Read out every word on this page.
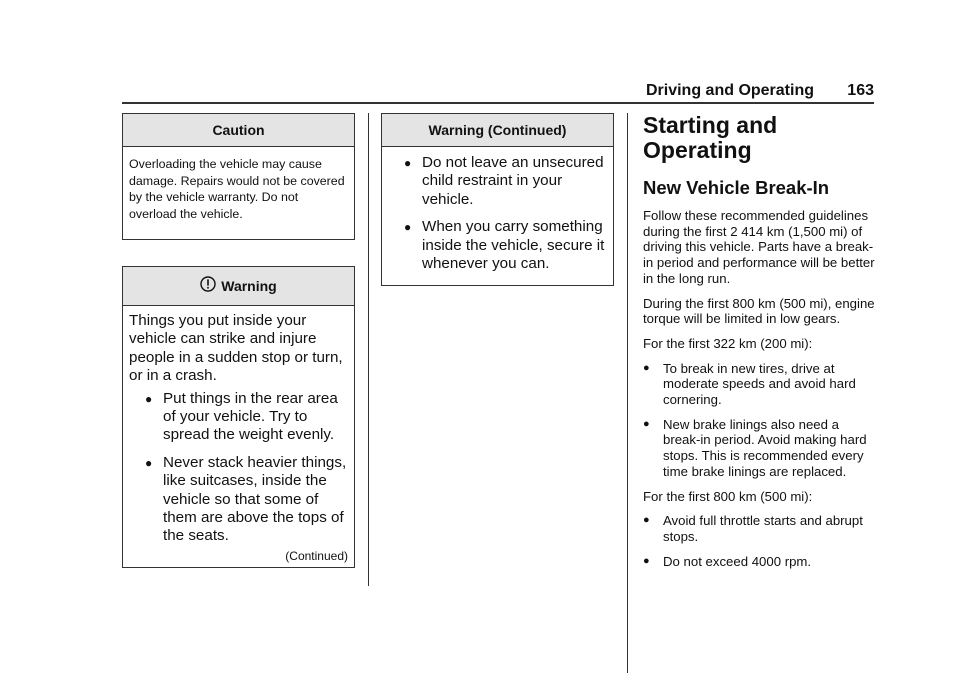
Driving and Operating 163
Caution
Overloading the vehicle may cause damage. Repairs would not be covered by the vehicle warranty. Do not overload the vehicle.
Warning

Things you put inside your vehicle can strike and injure people in a sudden stop or turn, or in a crash.

● Put things in the rear area of your vehicle. Try to spread the weight evenly.
● Never stack heavier things, like suitcases, inside the vehicle so that some of them are above the tops of the seats.
(Continued)
Warning (Continued)
● Do not leave an unsecured child restraint in your vehicle.
● When you carry something inside the vehicle, secure it whenever you can.
Starting and Operating
New Vehicle Break-In

Follow these recommended guidelines during the first 2 414 km (1,500 mi) of driving this vehicle. Parts have a break-in period and performance will be better in the long run.

During the first 800 km (500 mi), engine torque will be limited in low gears.

For the first 322 km (200 mi):

● To break in new tires, drive at moderate speeds and avoid hard cornering.
● New brake linings also need a break-in period. Avoid making hard stops. This is recommended every time brake linings are replaced.

For the first 800 km (500 mi):

● Avoid full throttle starts and abrupt stops.
● Do not exceed 4000 rpm.
